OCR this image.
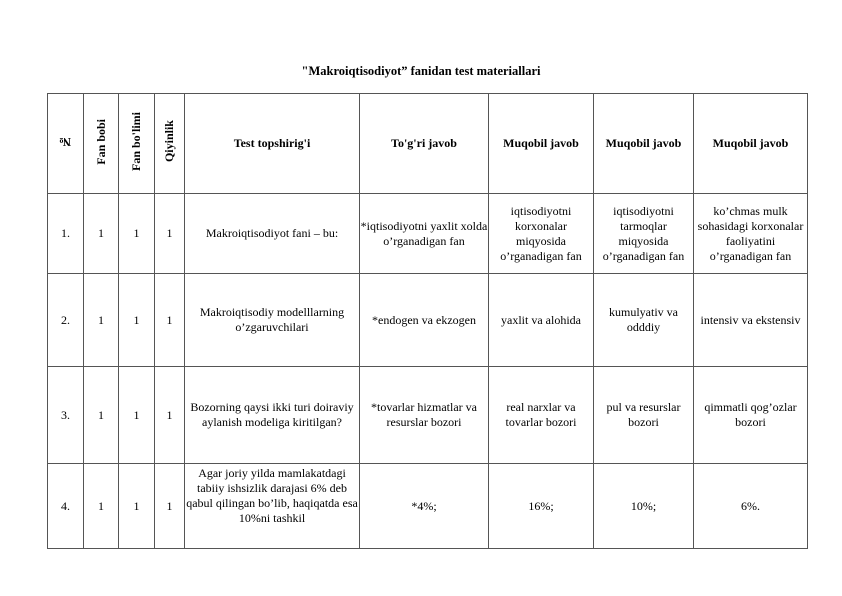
"Makroiqtisodiyot” fanidan test materiallari
№	Fan bobi	Fan bo'limi	Qiyinlik	Test topshirig'i	To'g'ri javob	Muqobil javob	Muqobil javob	Muqobil javob
1.	1	1	1	Makroiqtisodiyot fani – bu:	*iqtisodiyotni yaxlit xolda o’rganadigan fan	iqtisodiyotni korxonalar miqyosida o’rganadigan fan	iqtisodiyotni tarmoqlar miqyosida o’rganadigan fan	ko’chmas mulk sohasidagi korxonalar faoliyatini o’rganadigan fan
2.	1	1	1	Makroiqtisodiy modelllarning o’zgaruvchilari	*endogen va ekzogen	yaxlit va alohida	kumulyativ va odddiy	intensiv va ekstensiv
3.	1	1	1	Bozorning qaysi ikki turi doiraviy aylanish modeliga kiritilgan?	*tovarlar hizmatlar va resurslar bozori	real narxlar va tovarlar bozori	pul va resurslar bozori	qimmatli qog’ozlar bozori
4.	1	1	1	Agar joriy yilda mamlakatdagi tabiiy ishsizlik darajasi 6% deb qabul qilingan bo’lib, haqiqatda esa 10%ni tashkil	*4%;	16%;	10%;	6%.
